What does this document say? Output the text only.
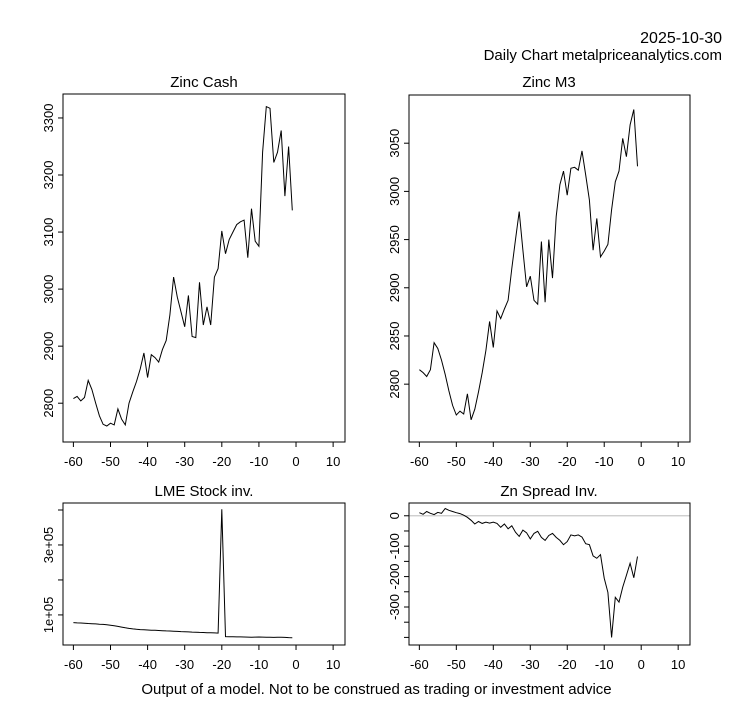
-60 -50 -40 -30 -20 -10 0 10
2800
2900
3000
3100
3200
3300
-60 -50 -40 -30 -20 -10 0 10
2800
2850
2900
2950
3000
3050
-60 -50 -40 -30 -20 -10 0 10
1e+05
3e+05
-60 -50 -40 -30 -20 -10 0 10
0
-100
-200
-300
2025-10-30
Daily Chart metalpriceanalytics.com
Zinc Cash	Zinc M3
LME Stock inv.	Zn Spread Inv.
Output of a model. Not to be construed as trading or investment advice
